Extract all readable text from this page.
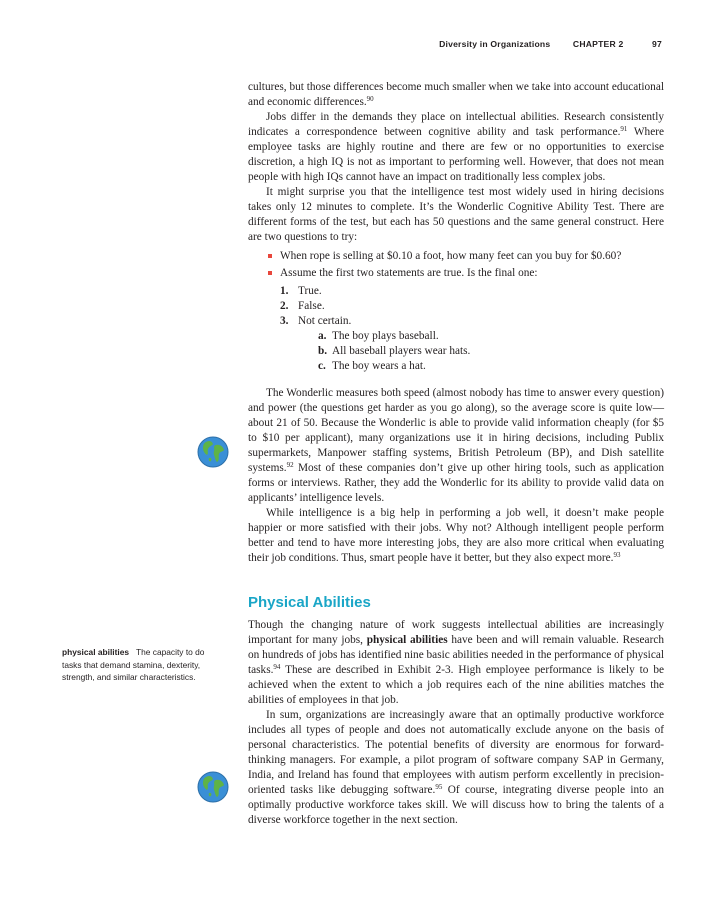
Diversity in Organizations	CHAPTER 2	97
physical abilities The capacity to do tasks that demand stamina, dexterity, strength, and similar characteristics.

cultures, but those differences become much smaller when we take into account educational and economic differences.$^{90}$

Jobs differ in the demands they place on intellectual abilities. Research consistently indicates a correspondence between cognitive ability and task performance.$^{91}$ Where employee tasks are highly routine and there are few or no opportunities to exercise discretion, a high IQ is not as important to performing well. However, that does not mean people with high IQs cannot have an impact on traditionally less complex jobs.

It might surprise you that the intelligence test most widely used in hiring decisions takes only 12 minutes to complete. It’s the Wonderlic Cognitive Ability Test. There are different forms of the test, but each has 50 questions and the same general construct. Here are two questions to try:

When rope is selling at $0.10 a foot, how many feet can you buy for $0.60?
Assume the first two statements are true. Is the final one:
1. True.
2. False.
3. Not certain.
a. The boy plays baseball.
b. All baseball players wear hats.
c. The boy wears a hat.

The Wonderlic measures both speed (almost nobody has time to answer every question) and power (the questions get harder as you go along), so the average score is quite low—about 21 of 50. Because the Wonderlic is able to provide valid information cheaply (for $5 to $10 per applicant), many organizations use it in hiring decisions, including Publix supermarkets, Manpower staffing systems, British Petroleum (BP), and Dish satellite systems.$^{92}$ Most of these companies don’t give up other hiring tools, such as application forms or interviews. Rather, they add the Wonderlic for its ability to provide valid data on applicants’ intelligence levels.

While intelligence is a big help in performing a job well, it doesn’t make people happier or more satisfied with their jobs. Why not? Although intelligent people perform better and tend to have more interesting jobs, they are also more critical when evaluating their job conditions. Thus, smart people have it better, but they also expect more.$^{93}$

Physical Abilities

Though the changing nature of work suggests intellectual abilities are increasingly important for many jobs, physical abilities have been and will remain valuable. Research on hundreds of jobs has identified nine basic abilities needed in the performance of physical tasks.$^{94}$ These are described in Exhibit 2-3. High employee performance is likely to be achieved when the extent to which a job requires each of the nine abilities matches the abilities of employees in that job.

In sum, organizations are increasingly aware that an optimally productive workforce includes all types of people and does not automatically exclude anyone on the basis of personal characteristics. The potential benefits of diversity are enormous for forward-thinking managers. For example, a pilot program of software company SAP in Germany, India, and Ireland has found that employees with autism perform excellently in precision-oriented tasks like debugging software.$^{95}$ Of course, integrating diverse people into an optimally productive workforce takes skill. We will discuss how to bring the talents of a diverse workforce together in the next section.
